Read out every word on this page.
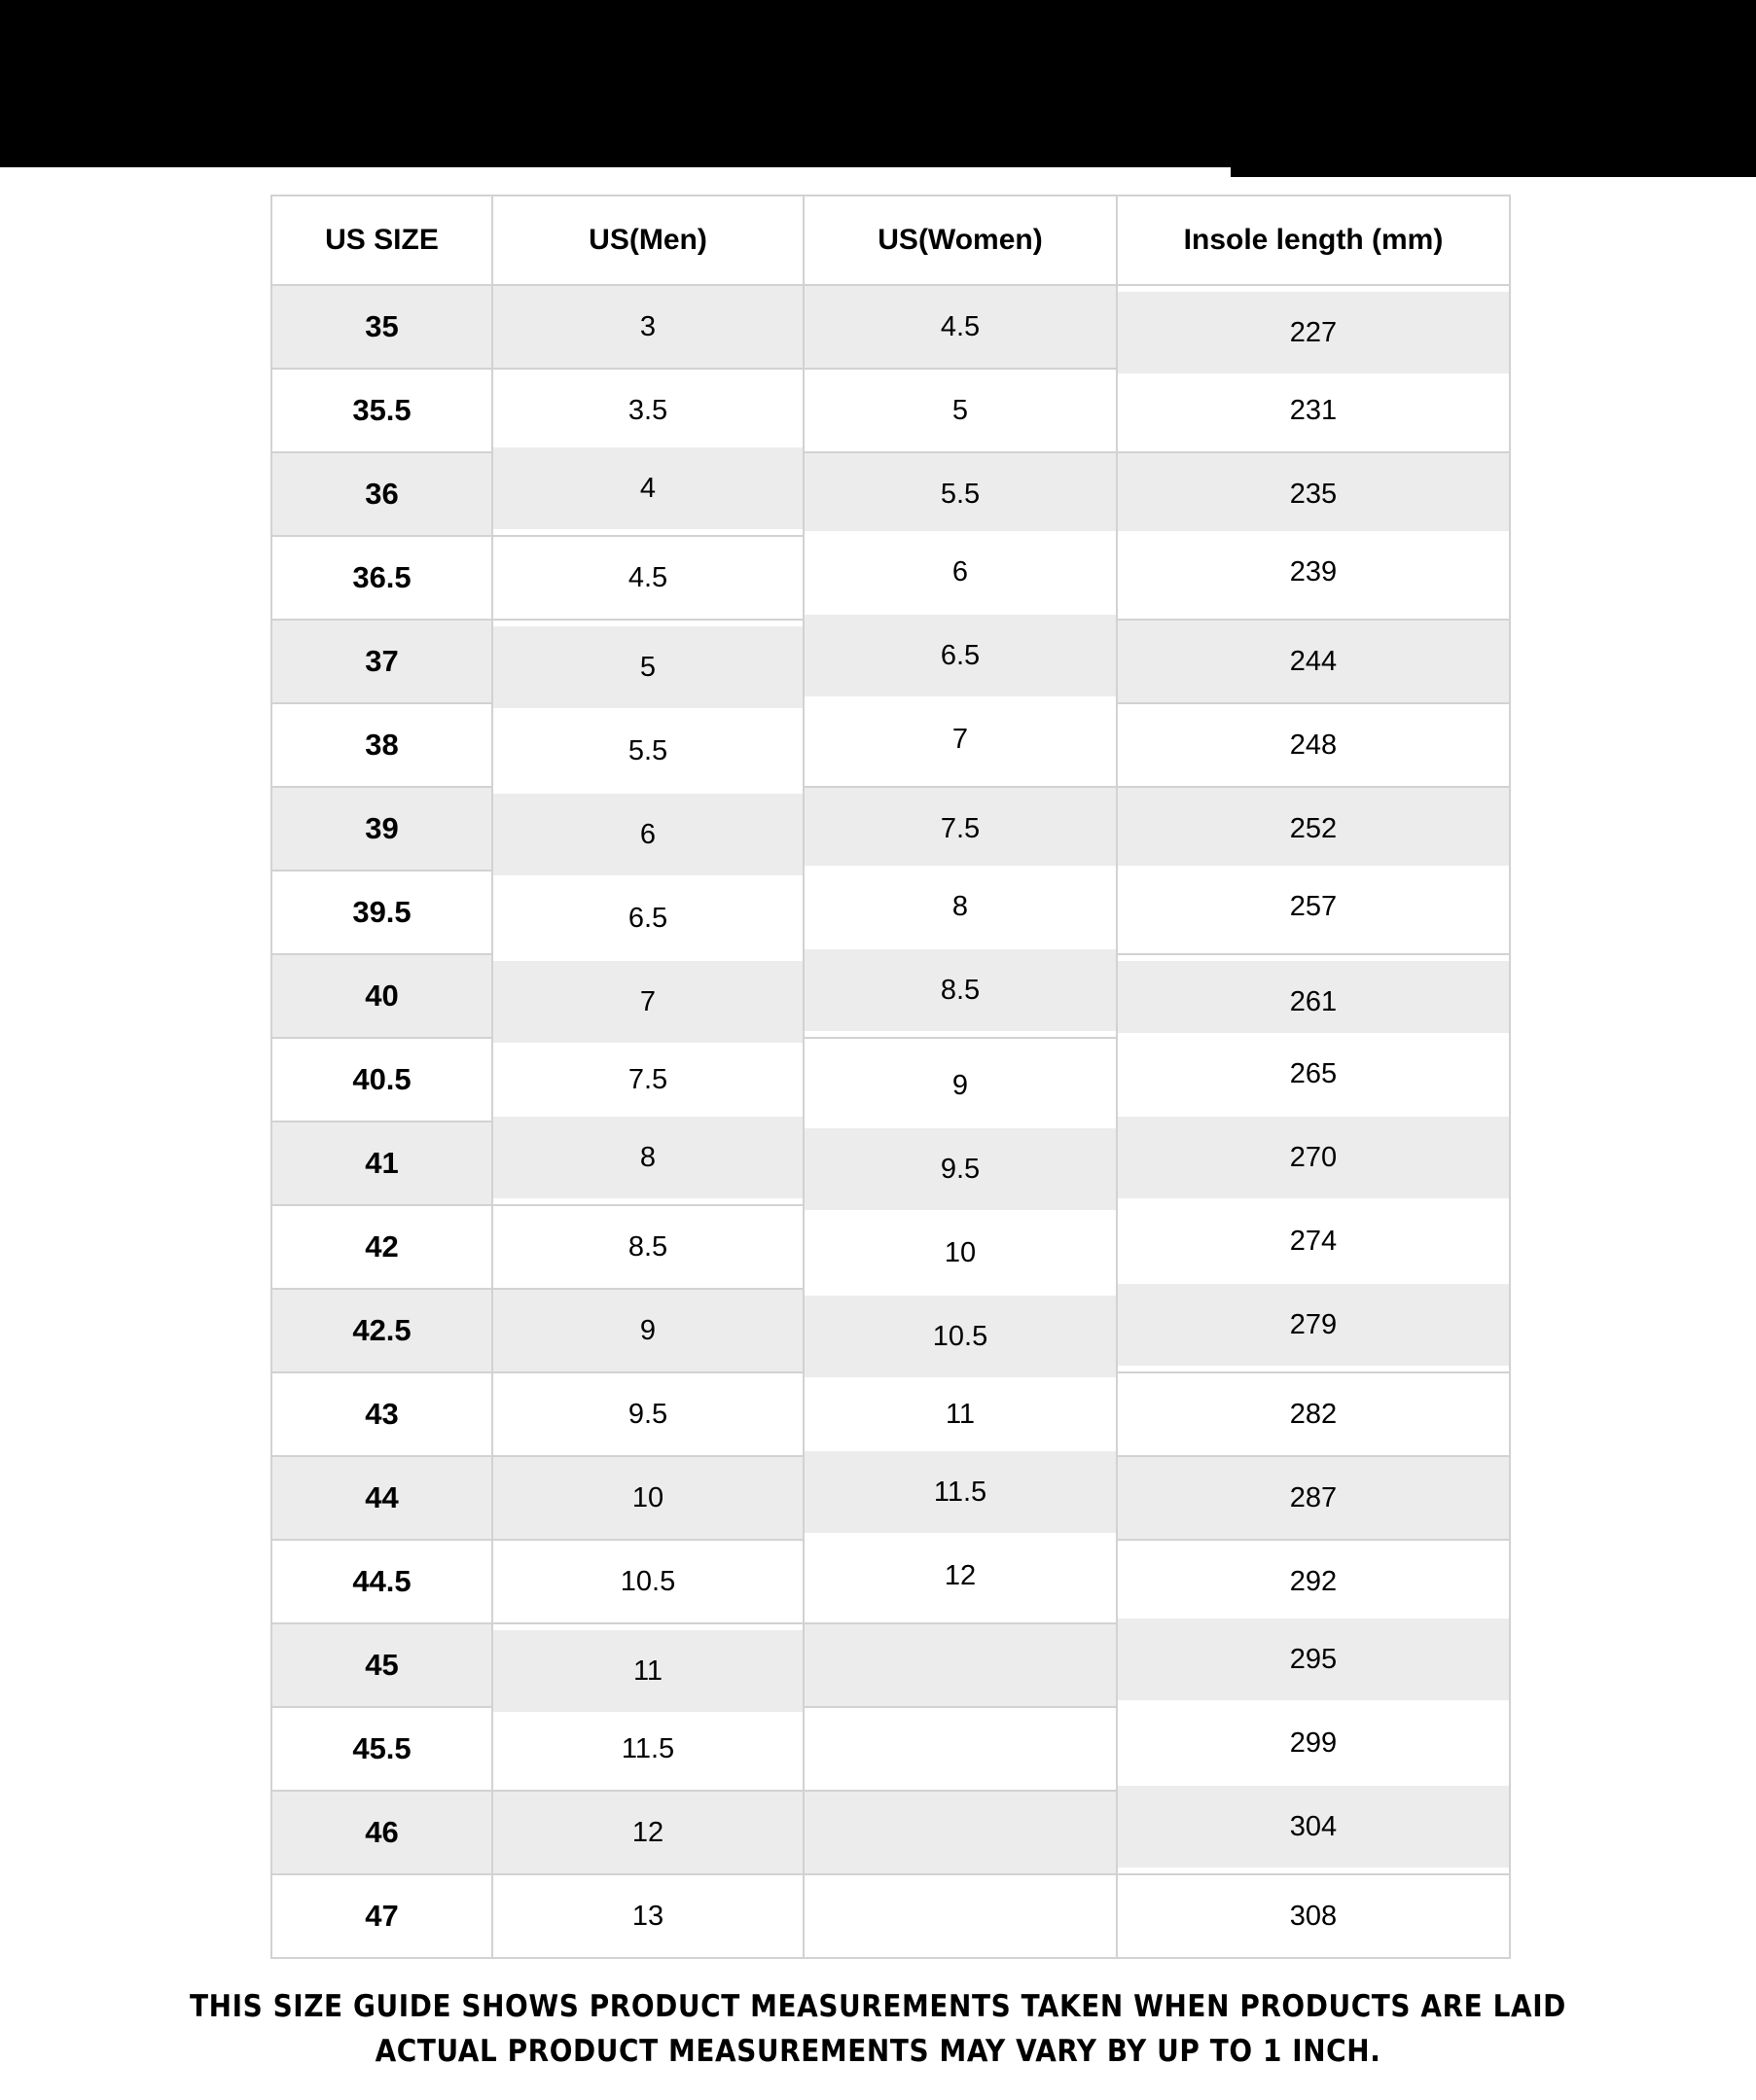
US SIZE	US(Men)	US(Women)	Insole length (mm)
35	3	4.5	227
35.5	3.5	5	231
36	4	5.5	235
36.5	4.5	6	239
37	5	6.5	244
38	5.5	7	248
39	6	7.5	252
39.5	6.5	8	257
40	7	8.5	261
40.5	7.5	9	265
41	8	9.5	270
42	8.5	10	274
42.5	9	10.5	279
43	9.5	11	282
44	10	11.5	287
44.5	10.5	12	292
45	11		295
45.5	11.5		299
46	12		304
47	13		308
THIS SIZE GUIDE SHOWS PRODUCT MEASUREMENTS TAKEN WHEN PRODUCTS ARE LAID
ACTUAL PRODUCT MEASUREMENTS MAY VARY BY UP TO 1 INCH.
